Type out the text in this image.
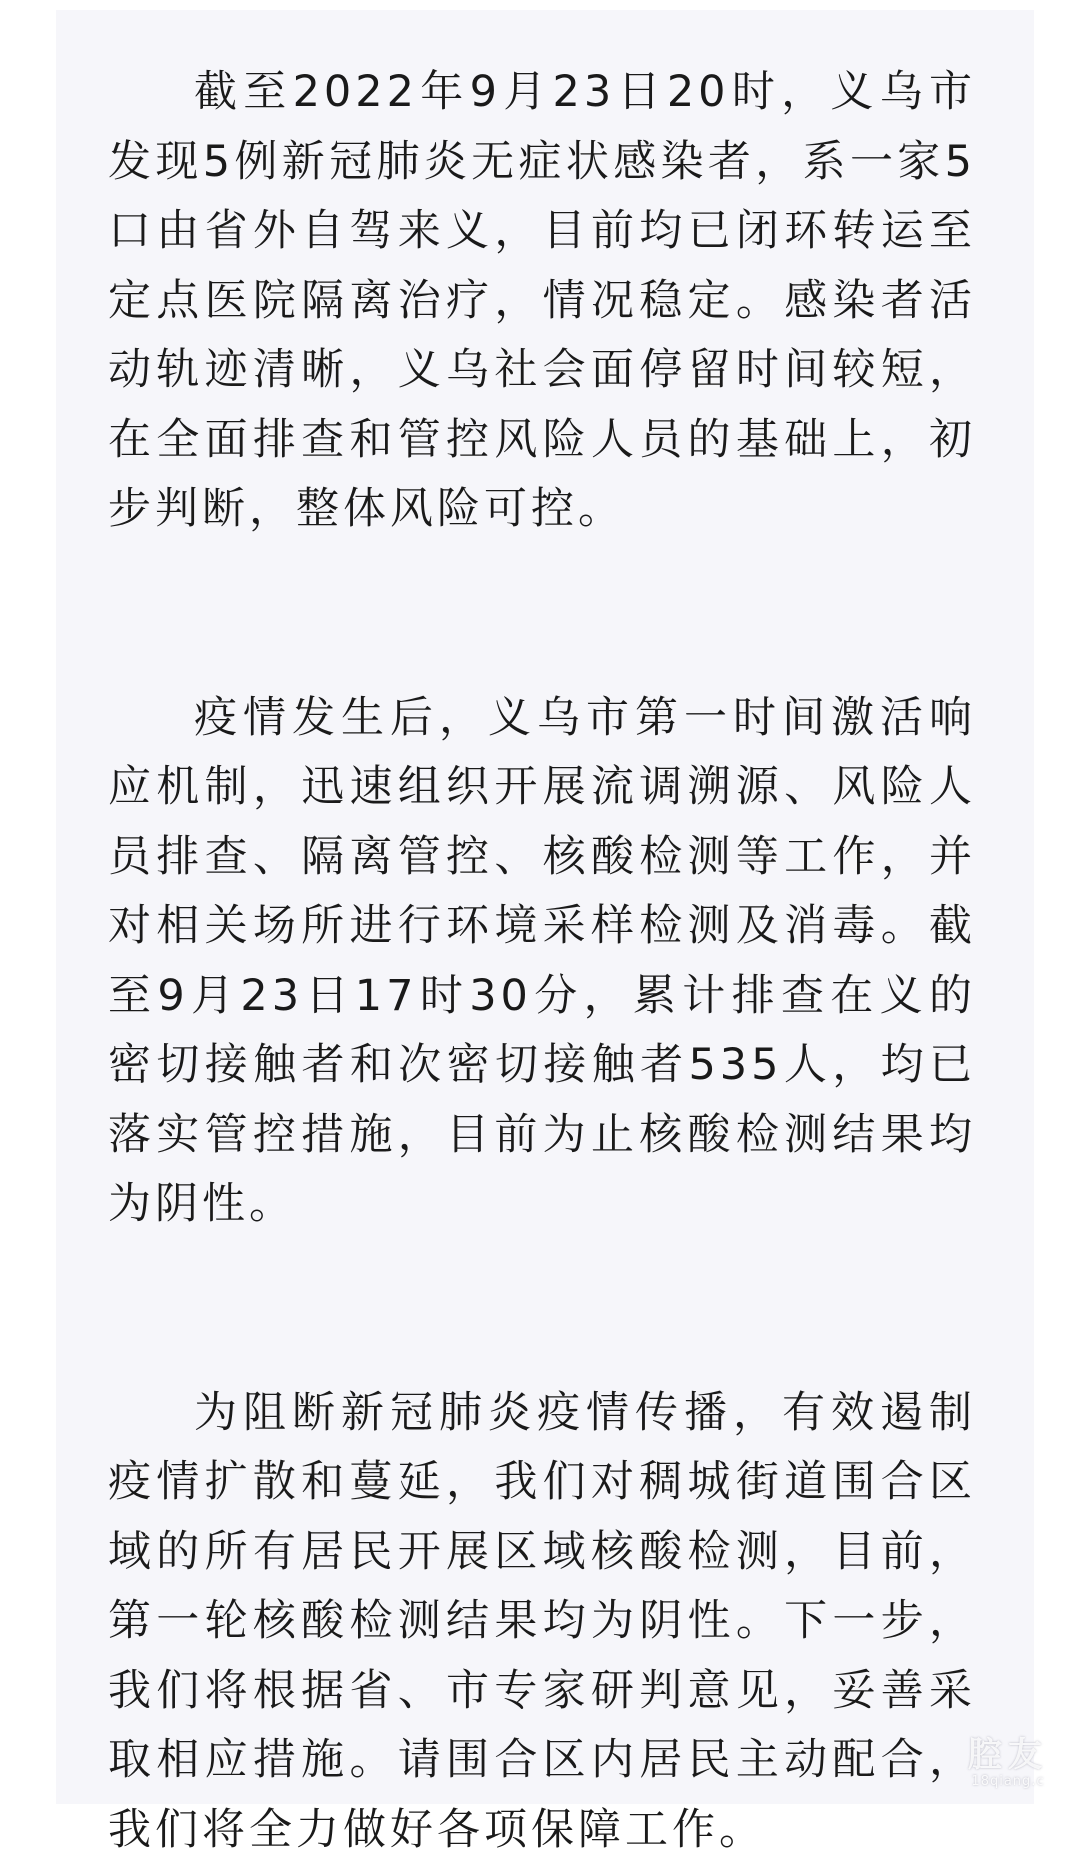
截至2022年9月23日20时，义乌市发现5例新冠肺炎无症状感染者，系一家5口由省外自驾来义，目前均已闭环转运至定点医院隔离治疗，情况稳定。感染者活动轨迹清晰，义乌社会面停留时间较短，在全面排查和管控风险人员的基础上，初步判断，整体风险可控。

疫情发生后，义乌市第一时间激活响应机制，迅速组织开展流调溯源、风险人员排查、隔离管控、核酸检测等工作，并对相关场所进行环境采样检测及消毒。截至9月23日17时30分，累计排查在义的密切接触者和次密切接触者535人，均已落实管控措施，目前为止核酸检测结果均为阴性。

为阻断新冠肺炎疫情传播，有效遏制疫情扩散和蔓延，我们对稠城街道围合区域的所有居民开展区域核酸检测，目前，第一轮核酸检测结果均为阴性。下一步，我们将根据省、市专家研判意见，妥善采取相应措施。请围合区内居民主动配合，我们将全力做好各项保障工作。

腔友
18qiang.c
